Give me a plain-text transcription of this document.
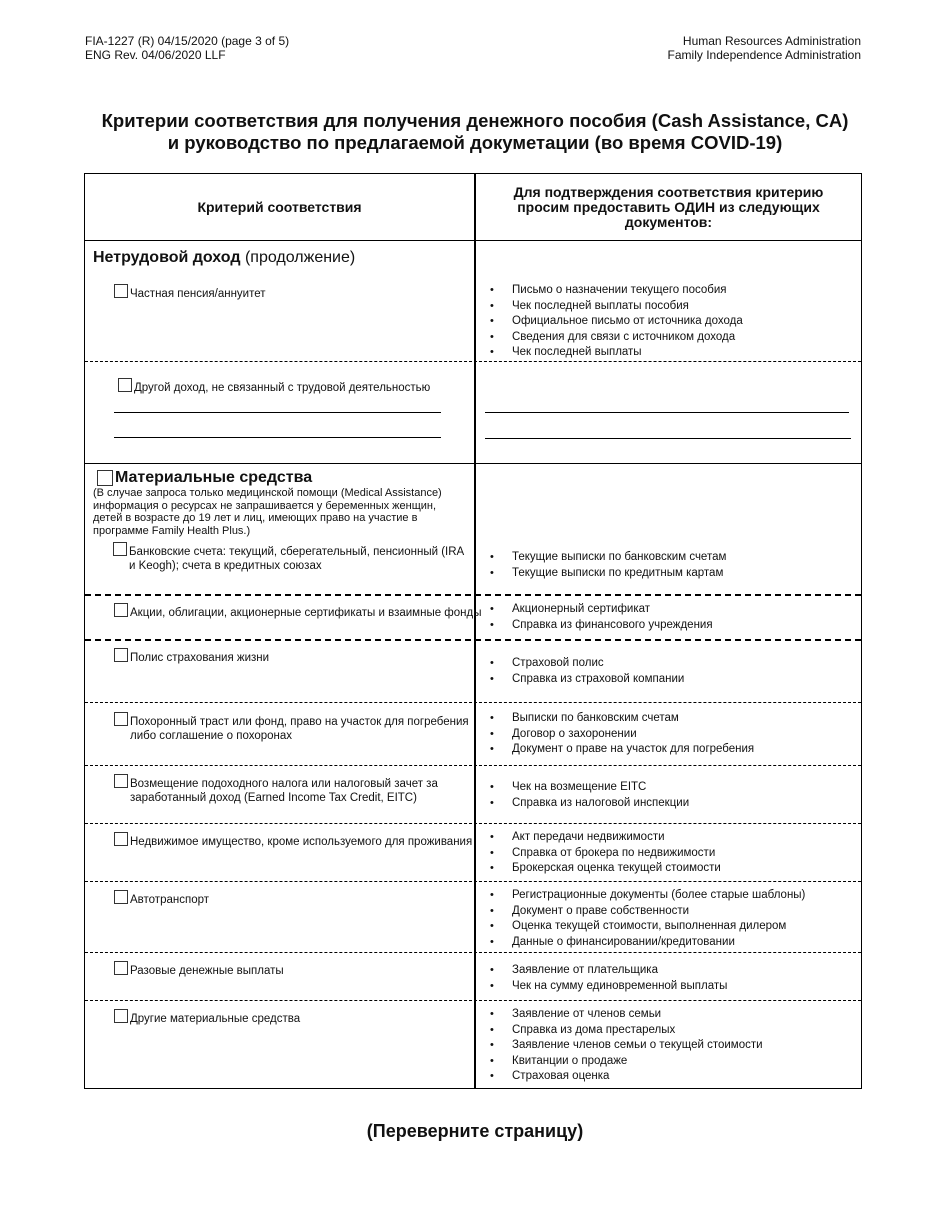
FIA-1227 (R) 04/15/2020 (page 3 of 5)
ENG Rev. 04/06/2020 LLF
Human Resources Administration
Family Independence Administration
Критерии соответствия для получения денежного пособия (Cash Assistance, CA)
и руководство по предлагаемой докуметации (во время COVID-19)
Критерий соответствия
Для подтверждения соответствия критерию просим предоставить ОДИН из следующих документов:
Нетрудовой доход (продолжение)
Частная пенсия/аннуитет	• Письмо о назначении текущего пособия
• Чек последней выплаты пособия
• Официальное письмо от источника дохода
• Сведения для связи с источником дохода
• Чек последней выплаты
Другой доход, не связанный с трудовой деятельностью
Материальные средства
(В случае запроса только медицинской помощи (Medical Assistance) информация о ресурсах не запрашивается у беременных женщин, детей в возрасте до 19 лет и лиц, имеющих право на участие в программе Family Health Plus.)
Банковские счета: текущий, сберегательный, пенсионный (IRA
и Keogh); счета в кредитных союзах
• Текущие выписки по банковским счетам
• Текущие выписки по кредитным картам
Акции, облигации, акционерные сертификаты и взаимные фонды	• Акционерный сертификат
• Справка из финансового учреждения
Полис страхования жизни	• Страховой полис
• Справка из страховой компании
Похоронный траст или фонд, право на участок для погребения
либо соглашение о похоронах
• Выписки по банковским счетам
• Договор о захоронении
• Документ о праве на участок для погребения
Возмещение подоходного налога или налоговый зачет за
заработанный доход (Earned Income Tax Credit, EITC)
• Чек на возмещение EITC
• Справка из налоговой инспекции
Недвижимое имущество, кроме используемого для проживания	• Акт передачи недвижимости
• Справка от брокера по недвижимости
• Брокерская оценка текущей стоимости
Автотранспорт	• Регистрационные документы (более старые шаблоны)
• Документ о праве собственности
• Оценка текущей стоимости, выполненная дилером
• Данные о финансировании/кредитовании
Разовые денежные выплаты	• Заявление от плательщика
• Чек на сумму единовременной выплаты
Другие материальные средства	• Заявление от членов семьи
• Справка из дома престарелых
• Заявление членов семьи о текущей стоимости
• Квитанции о продаже
• Страховая оценка
(Переверните страницу)
